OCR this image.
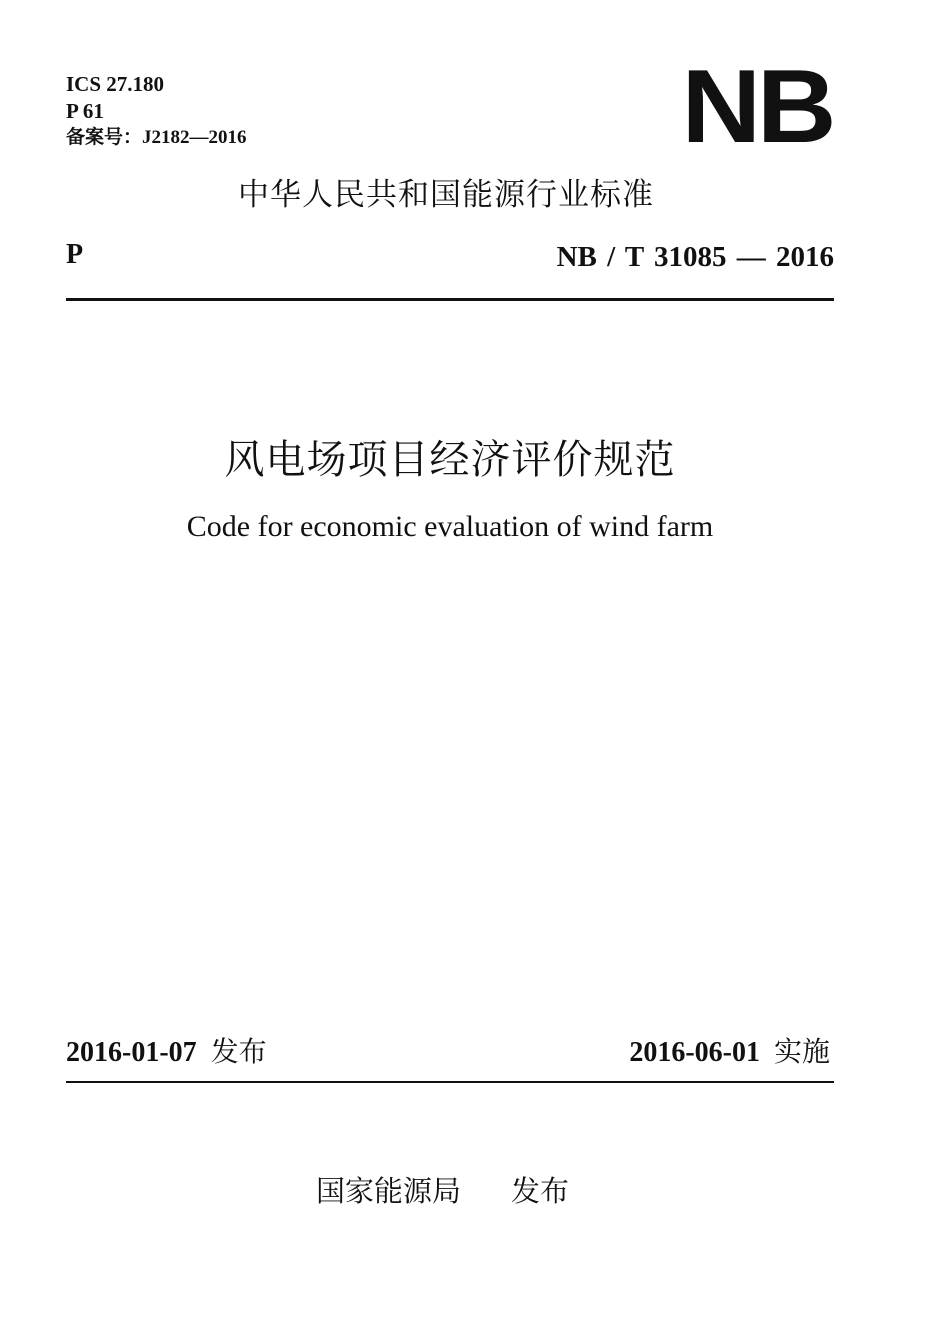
ICS 27.180
P 61
备案号：J2182—2016	NB
中华人民共和国能源行业标准
P	NB / T 31085 — 2016
风电场项目经济评价规范
Code for economic evaluation of wind farm
2016-01-07 发布	2016-06-01 实施
国家能源局 发布
